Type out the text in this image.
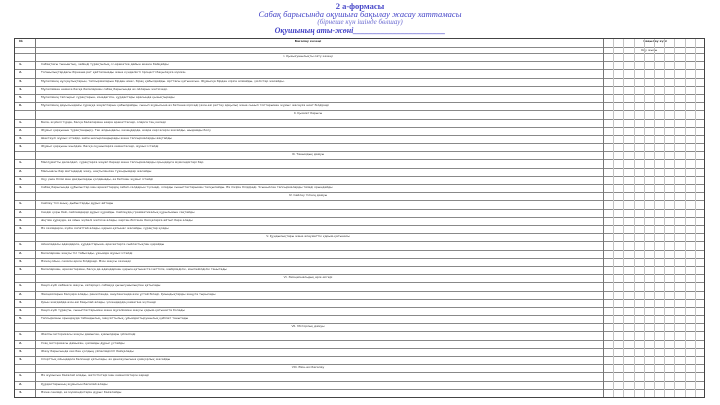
2 а-формасы
Сабақ барысында оқушыға бақылау жасау хаттамасы
(бірнеше күн ішінде бөлшау)
Оқушының аты-жөні_______________________
№	Бағалау кезеңі	Бақылау күні
Оқу жылы
I. Қызығушылықты ояту кезеңі
1.	Сабақтағы тыныштық, зейінді тұрақтылық, іс-әрекетке дайын екенін байқайды
2.	Топшылықтардағы бірнеше рет қайталанады және күнделікті процесті бақылауға мүмкін.
3.	Мұғалімнің нұсқаулықтарын, тапсырмаларын бірден емес, бірақ қабылдайды. Арттағы қатынасын. Жұмысқа бірден кірісе алмайды, үзілістер жасайды.
4.	Мұғаліммен немесе басқа балалармен сабақ барысында өз ойларын жеткізеді.
5.	Мұғалімнің тапсырыс сұрақтарын, кінәдегісін, құрдастары арасында қызықтырады
6.	Мұғалімнің дауысындағы сұраққа жауаптарын қабылдайды, сынып жұмысына өз бетінше кіріседі (өзін-өзі реттеу арқылы) және сынып топтарымен жұмыс жасауға ниет білдіреді
II. Қызмет барысы
1.	Бала, жүйелі түрде, басқа балалармен өзара әрекеттеседі, оларға тең келеді
2.	Жұмыс қарқынын тұрақтандыру. Тек алдындағы, кезеңдерде, өзара кері әсерін жасайды, шыдамды болу
3.	Шектеулі жұмыс істейді, зейін шоғырландырады және тапсырмаларды аяқтайды
4.	Жұмыс қарқыны жылдам. Басқа оқушыларға көмектеседі, жұмыс істейді
III. Танымдық дамуы
1.	Мағлұматты дәлелдеп, сұрақтарға жауап береді және тапсырмаларды орындауға мүмкіндіктері бар
2.	Мағынасы бар мәтіндерді жазу, нақтыланған тұжырымдар жасайды
3.	Оқу үшін білім мен дағдыларды қолданады, өз бетімен жұмыс істейді
4.	Сабақ барысында құбылыстар мен әрекеттердің себеп-салдарын түсінеді, оларды сыныптастарымен талқылайды. Өз пікірін білдіреді. Ұсынылған тапсырмаларды тиімді орындайды
IV. Сөйлеу тілінің дамуы
1.	Сөйлеу тілі анық, дыбыстарды дұрыс айтады
2.	Сөздік қоры бай, сөйлемдерді дұрыс құрайды. Сөйлеудің грамматикалық құрылымын сақтайды
3.	Әңгіме құрауда, өз ойын жүйелі жеткізе алады, көрген-білгенін басқаларға айтып бере алады
4.	Өз сезімдерін, күйін сипаттай алады, қарым-қатынас жасайды, сұрақтар қояды
V. Құндылықтары және әлеуметтік қарым-қатынасы
1.	Айналадағы адамдарға, құрдастарына, ересектерге сыйластықпен қарайды
2.	Балалармен жақсы тіл табысады, ұжымда жұмыс істейді
3.	Өзінің ойын, сезімін еркін білдіреді. Өзін жақсы сезінеді
4.	Балалармен, ересектермен, басқа да адамдармен қарым-қатынаста ізеттілік, мейірімділік, кішіпейілділік танытады
VI. Эмоциональдық ерік-жігері
1.	Көңіл-күйі көбінесе жақсы, көтеріңкі, сабаққа қызығушылықпен қатысады
2.	Эмоцияларын басқара алады, ренжігенде, ашуланғанда өзін ұстай біледі. Қиындықтарды жеңуге тырысады
3.	Қиын жағдайда өзін-өзі бақылай алады, үлкендердің көмегіне жүгінеді
4.	Көңіл-күйі тұрақты, сыныптастарымен және мұғаліммен жақсы қарым-қатынаста болады
5.	Тапсырманы орындауда табандылық, мақсаттылық, ұйымдастырушылық қабілет танытады
VII. Моторлық дамуы
1.	Жалпы моторикасы жақсы дамыған, қимылдары үйлесімді
2.	Ұсақ моторикасы дамыған, қаламды дұрыс ұстайды
3.	Жазу барысында көз бен қолдың үйлесімділігі байқалады
4.	Спорттық ойындарға белсенді қатысады, өз денсаулығына қамқорлық жасайды
VIII. Өзін-өзі бағалау
1.	Өз жұмысын бағалай алады, жетістіктері мен кемшіліктерін көреді
2.	Құрдастарының жұмысын бағалай алады
3.	Өзіне сенімді, өз мүмкіндіктерін дұрыс бағалайды
